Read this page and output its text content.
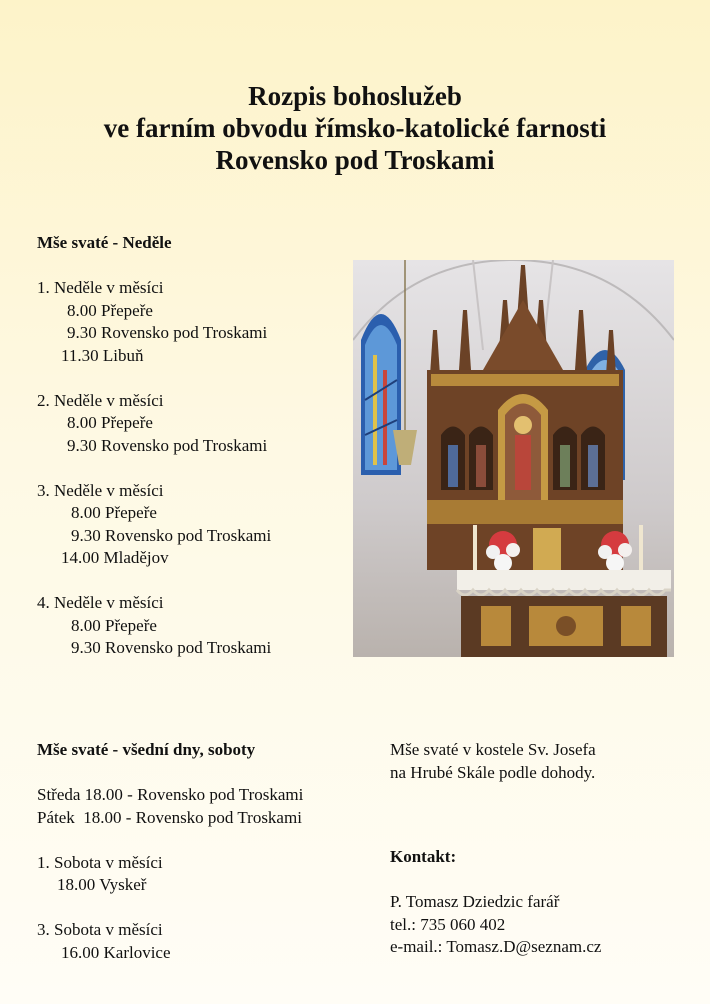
Rozpis bohoslužeb
ve farním obvodu římsko-katolické farnosti
Rovensko pod Troskami
Mše svaté - Neděle
1. Neděle v měsíci
8.00 Přepeře
9.30 Rovensko pod Troskami
11.30 Libuň
2. Neděle v měsíci
8.00 Přepeře
9.30 Rovensko pod Troskami
3. Neděle v měsíci
8.00 Přepeře
9.30 Rovensko pod Troskami
14.00 Mladějov
4. Neděle v měsíci
8.00 Přepeře
9.30 Rovensko pod Troskami
Mše svaté - všední dny, soboty
Středa 18.00 - Rovensko pod Troskami
Pátek  18.00 - Rovensko pod Troskami
1. Sobota v měsíci
18.00 Vyskeř
3. Sobota v měsíci
16.00 Karlovice
Mše svaté v kostele Sv. Josefa
na Hrubé Skále podle dohody.
Kontakt:
P. Tomasz Dziedzic farář
tel.: 735 060 402
e-mail.: Tomasz.D@seznam.cz
